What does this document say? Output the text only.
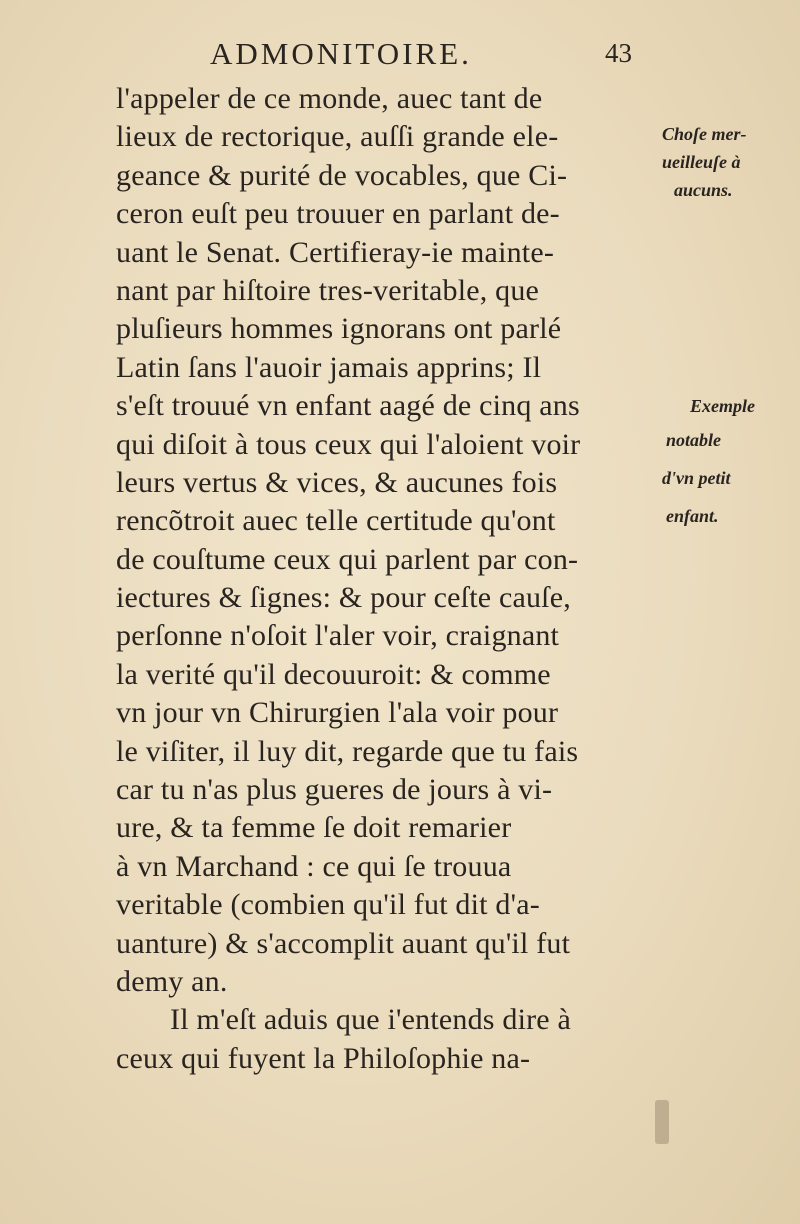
ADMONITOIRE.	43
l'appeler de ce monde, auec tant de
lieux de rectorique, auſſi grande ele-
geance & purité de vocables, que Ci-
ceron euſt peu trouuer en parlant de-
uant le Senat. Certifieray-ie mainte-
nant par hiſtoire tres-veritable, que
pluſieurs hommes ignorans ont parlé
Latin ſans l'auoir jamais apprins; Il
s'eſt trouué vn enfant aagé de cinq ans
qui diſoit à tous ceux qui l'aloient voir
leurs vertus & vices, & aucunes fois
rencõtroit auec telle certitude qu'ont
de couſtume ceux qui parlent par con-
iectures & ſignes: & pour ceſte cauſe,
perſonne n'oſoit l'aler voir, craignant
la verité qu'il decouuroit: & comme
vn jour vn Chirurgien l'ala voir pour
le viſiter, il luy dit, regarde que tu fais
car tu n'as plus gueres de jours à vi-
ure, & ta femme ſe doit remarier
à vn Marchand : ce qui ſe trouua
veritable (combien qu'il fut dit d'a-
uanture) & s'accomplit auant qu'il fut
demy an.
Il m'eſt aduis que i'entends dire à
ceux qui fuyent la Philoſophie na-
Choſe mer-
ueilleuſe à
aucuns.
Exemple
notable
d'vn petit
enfant.
